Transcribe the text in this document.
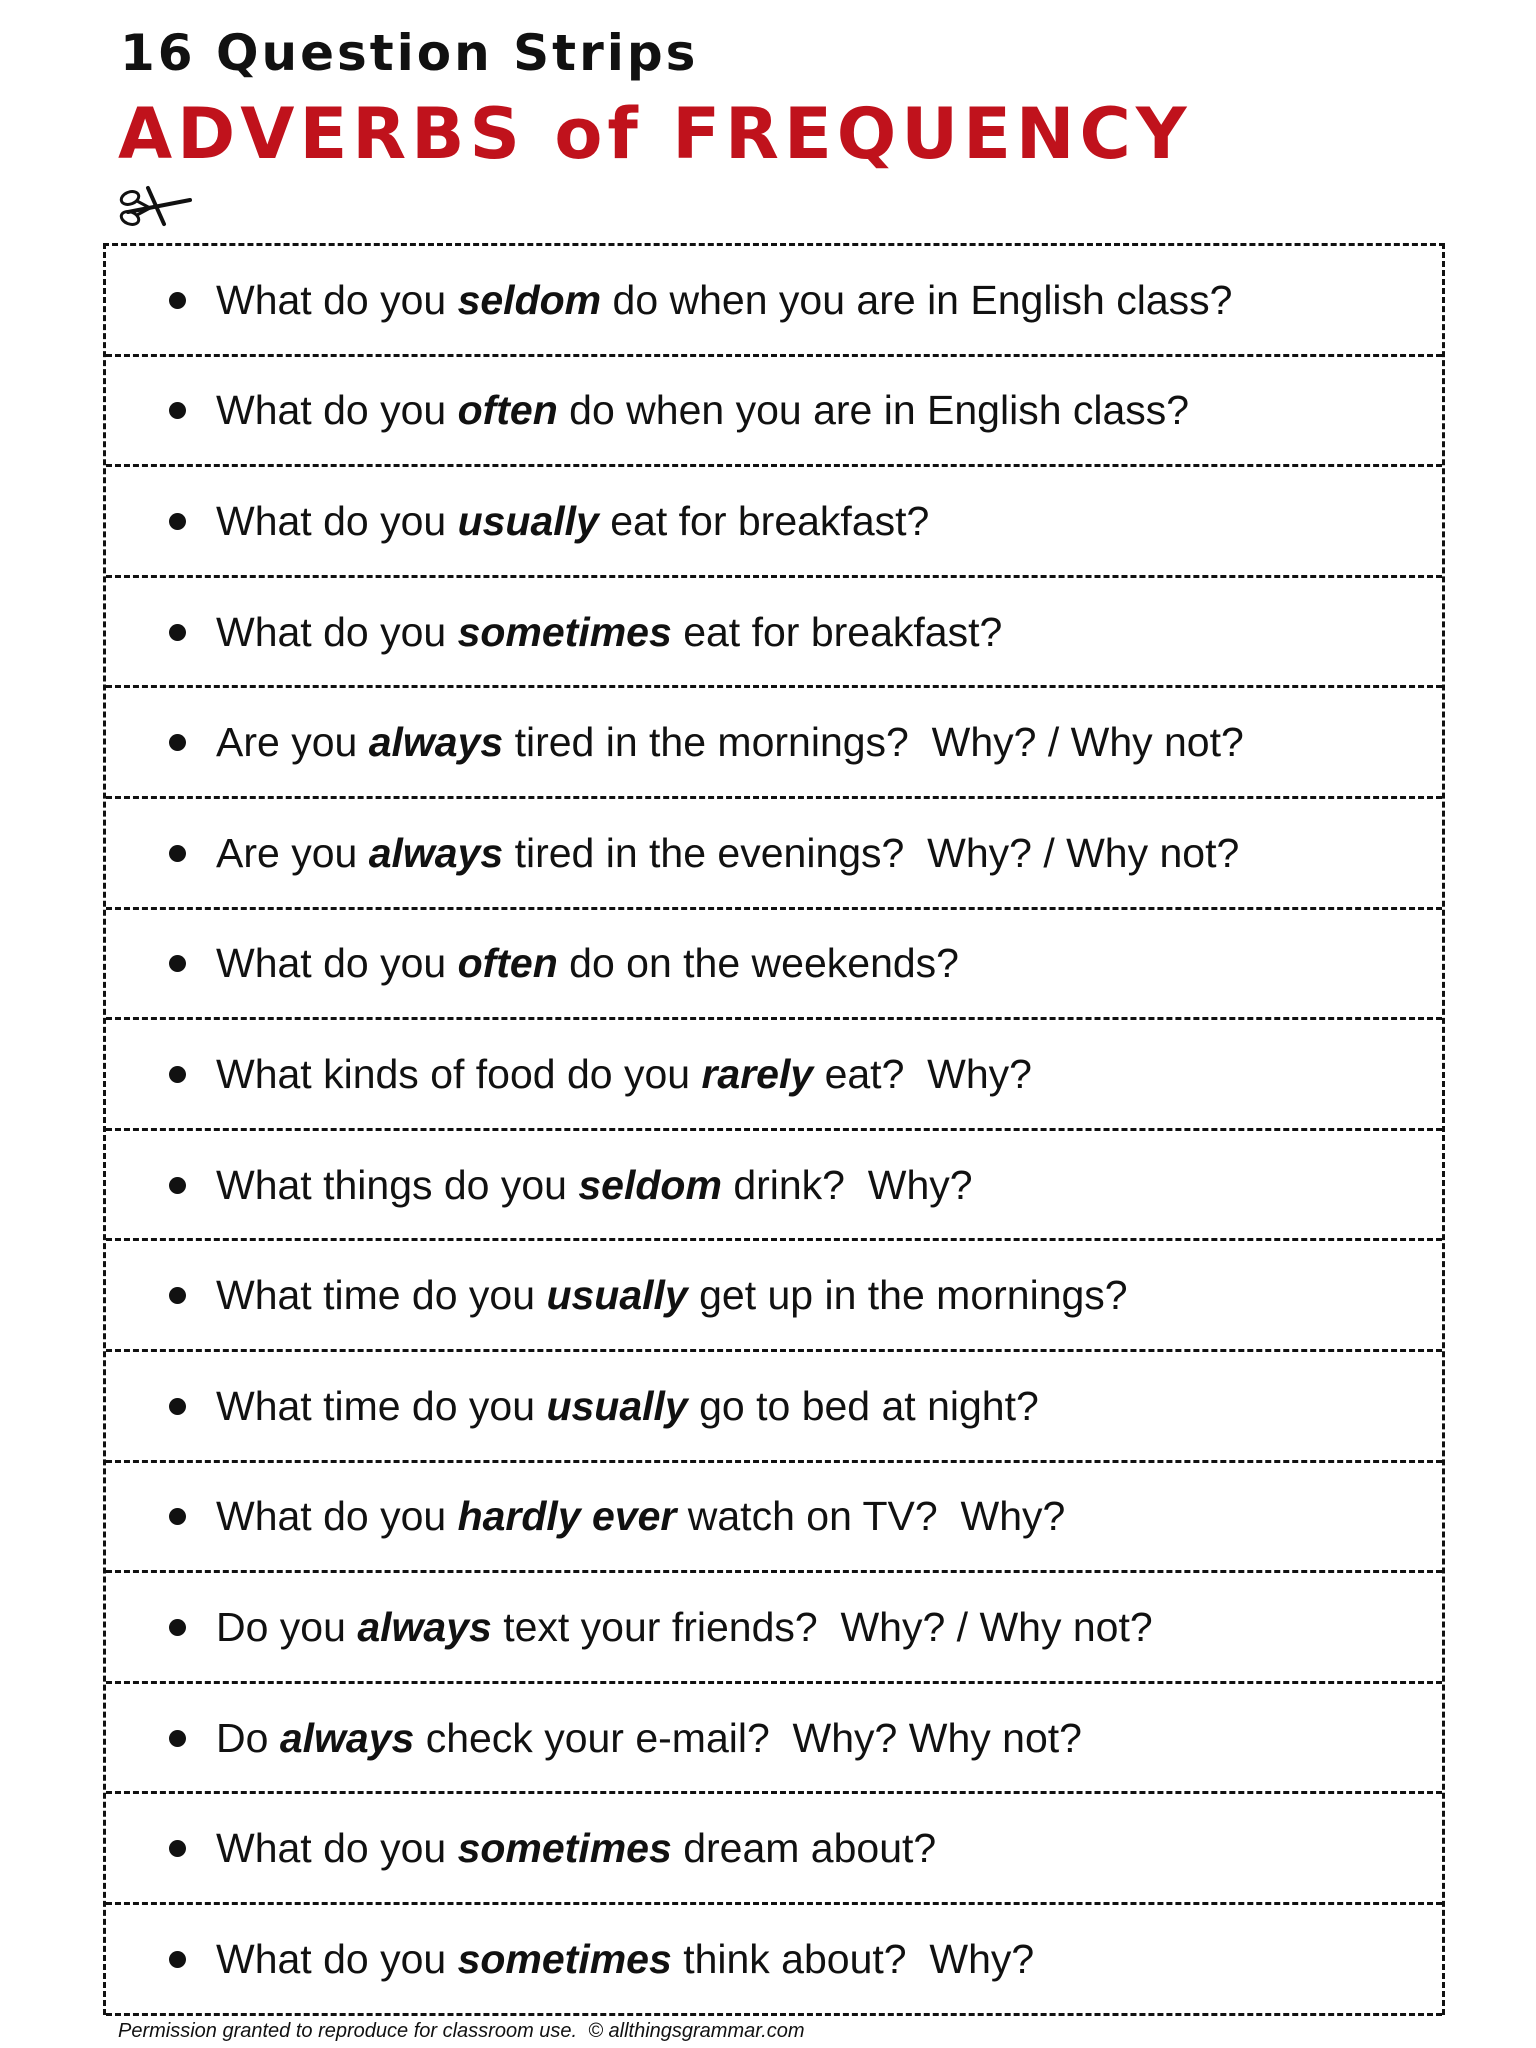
16 Question Strips
ADVERBS of FREQUENCY
What do you seldom do when you are in English class?
What do you often do when you are in English class?
What do you usually eat for breakfast?
What do you sometimes eat for breakfast?
Are you always tired in the mornings?  Why? / Why not?
Are you always tired in the evenings?  Why? / Why not?
What do you often do on the weekends?
What kinds of food do you rarely eat?  Why?
What things do you seldom drink?  Why?
What time do you usually get up in the mornings?
What time do you usually go to bed at night?
What do you hardly ever watch on TV?  Why?
Do you always text your friends?  Why? / Why not?
Do always check your e-mail?  Why? Why not?
What do you sometimes dream about?
What do you sometimes think about?  Why?
Permission granted to reproduce for classroom use.  © allthingsgrammar.com
